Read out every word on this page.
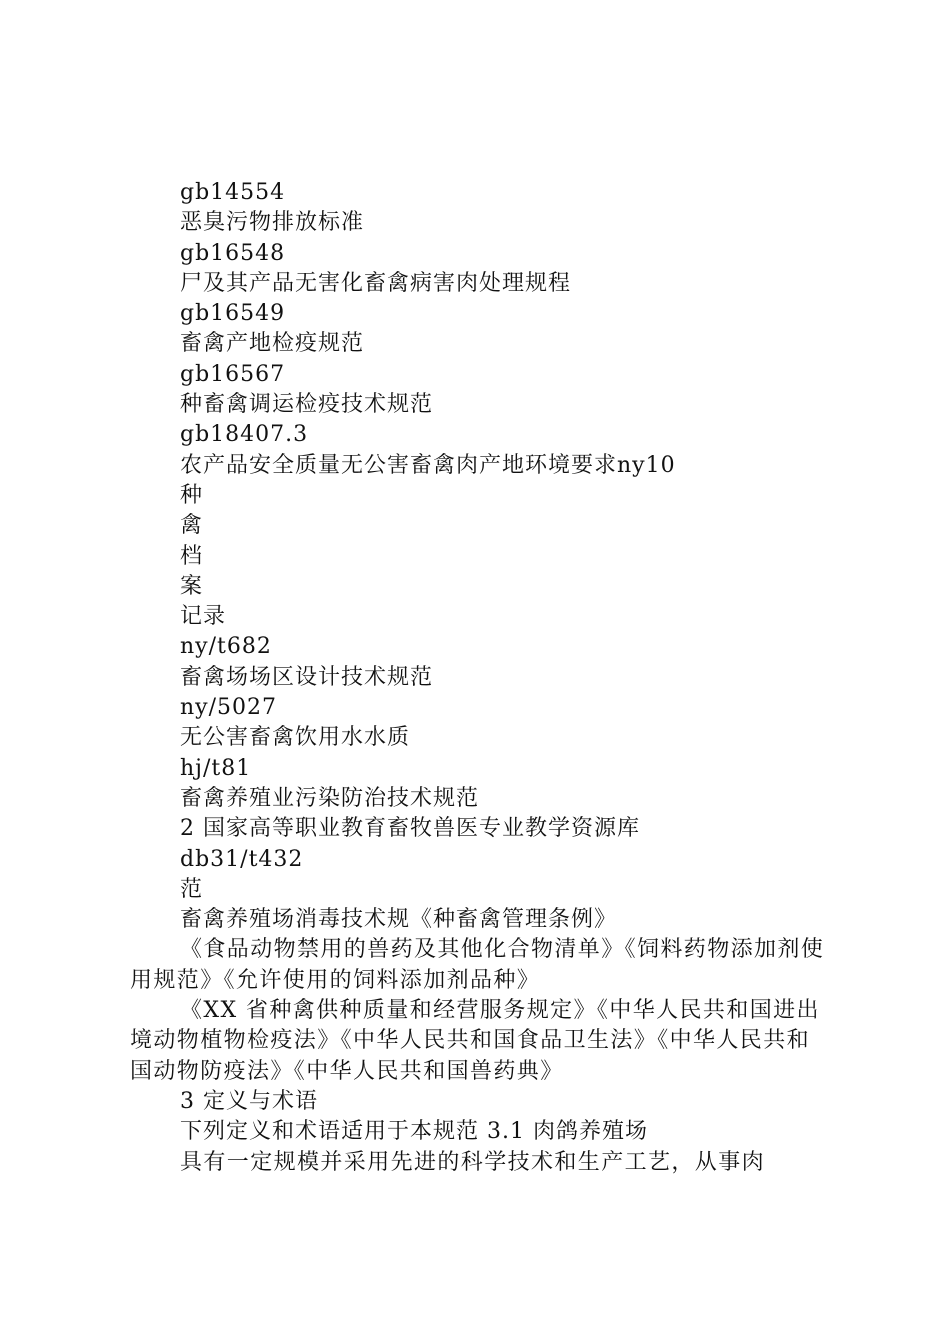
gb14554
恶臭污物排放标准
gb16548
尸及其产品无害化畜禽病害肉处理规程
gb16549
畜禽产地检疫规范
gb16567
种畜禽调运检疫技术规范
gb18407.3
农产品安全质量无公害畜禽肉产地环境要求ny10
种
禽
档
案
记录
ny/t682
畜禽场场区设计技术规范
ny/5027
无公害畜禽饮用水水质
hj/t81
畜禽养殖业污染防治技术规范
2 国家高等职业教育畜牧兽医专业教学资源库
db31/t432
范
畜禽养殖场消毒技术规《种畜禽管理条例》
《食品动物禁用的兽药及其他化合物清单》《饲料药物添加剂使用规范》《允许使用的饲料添加剂品种》
《XX 省种禽供种质量和经营服务规定》《中华人民共和国进出境动物植物检疫法》《中华人民共和国食品卫生法》《中华人民共和国动物防疫法》《中华人民共和国兽药典》
3 定义与术语
下列定义和术语适用于本规范 3.1 肉鸽养殖场
具有一定规模并采用先进的科学技术和生产工艺，从事肉
